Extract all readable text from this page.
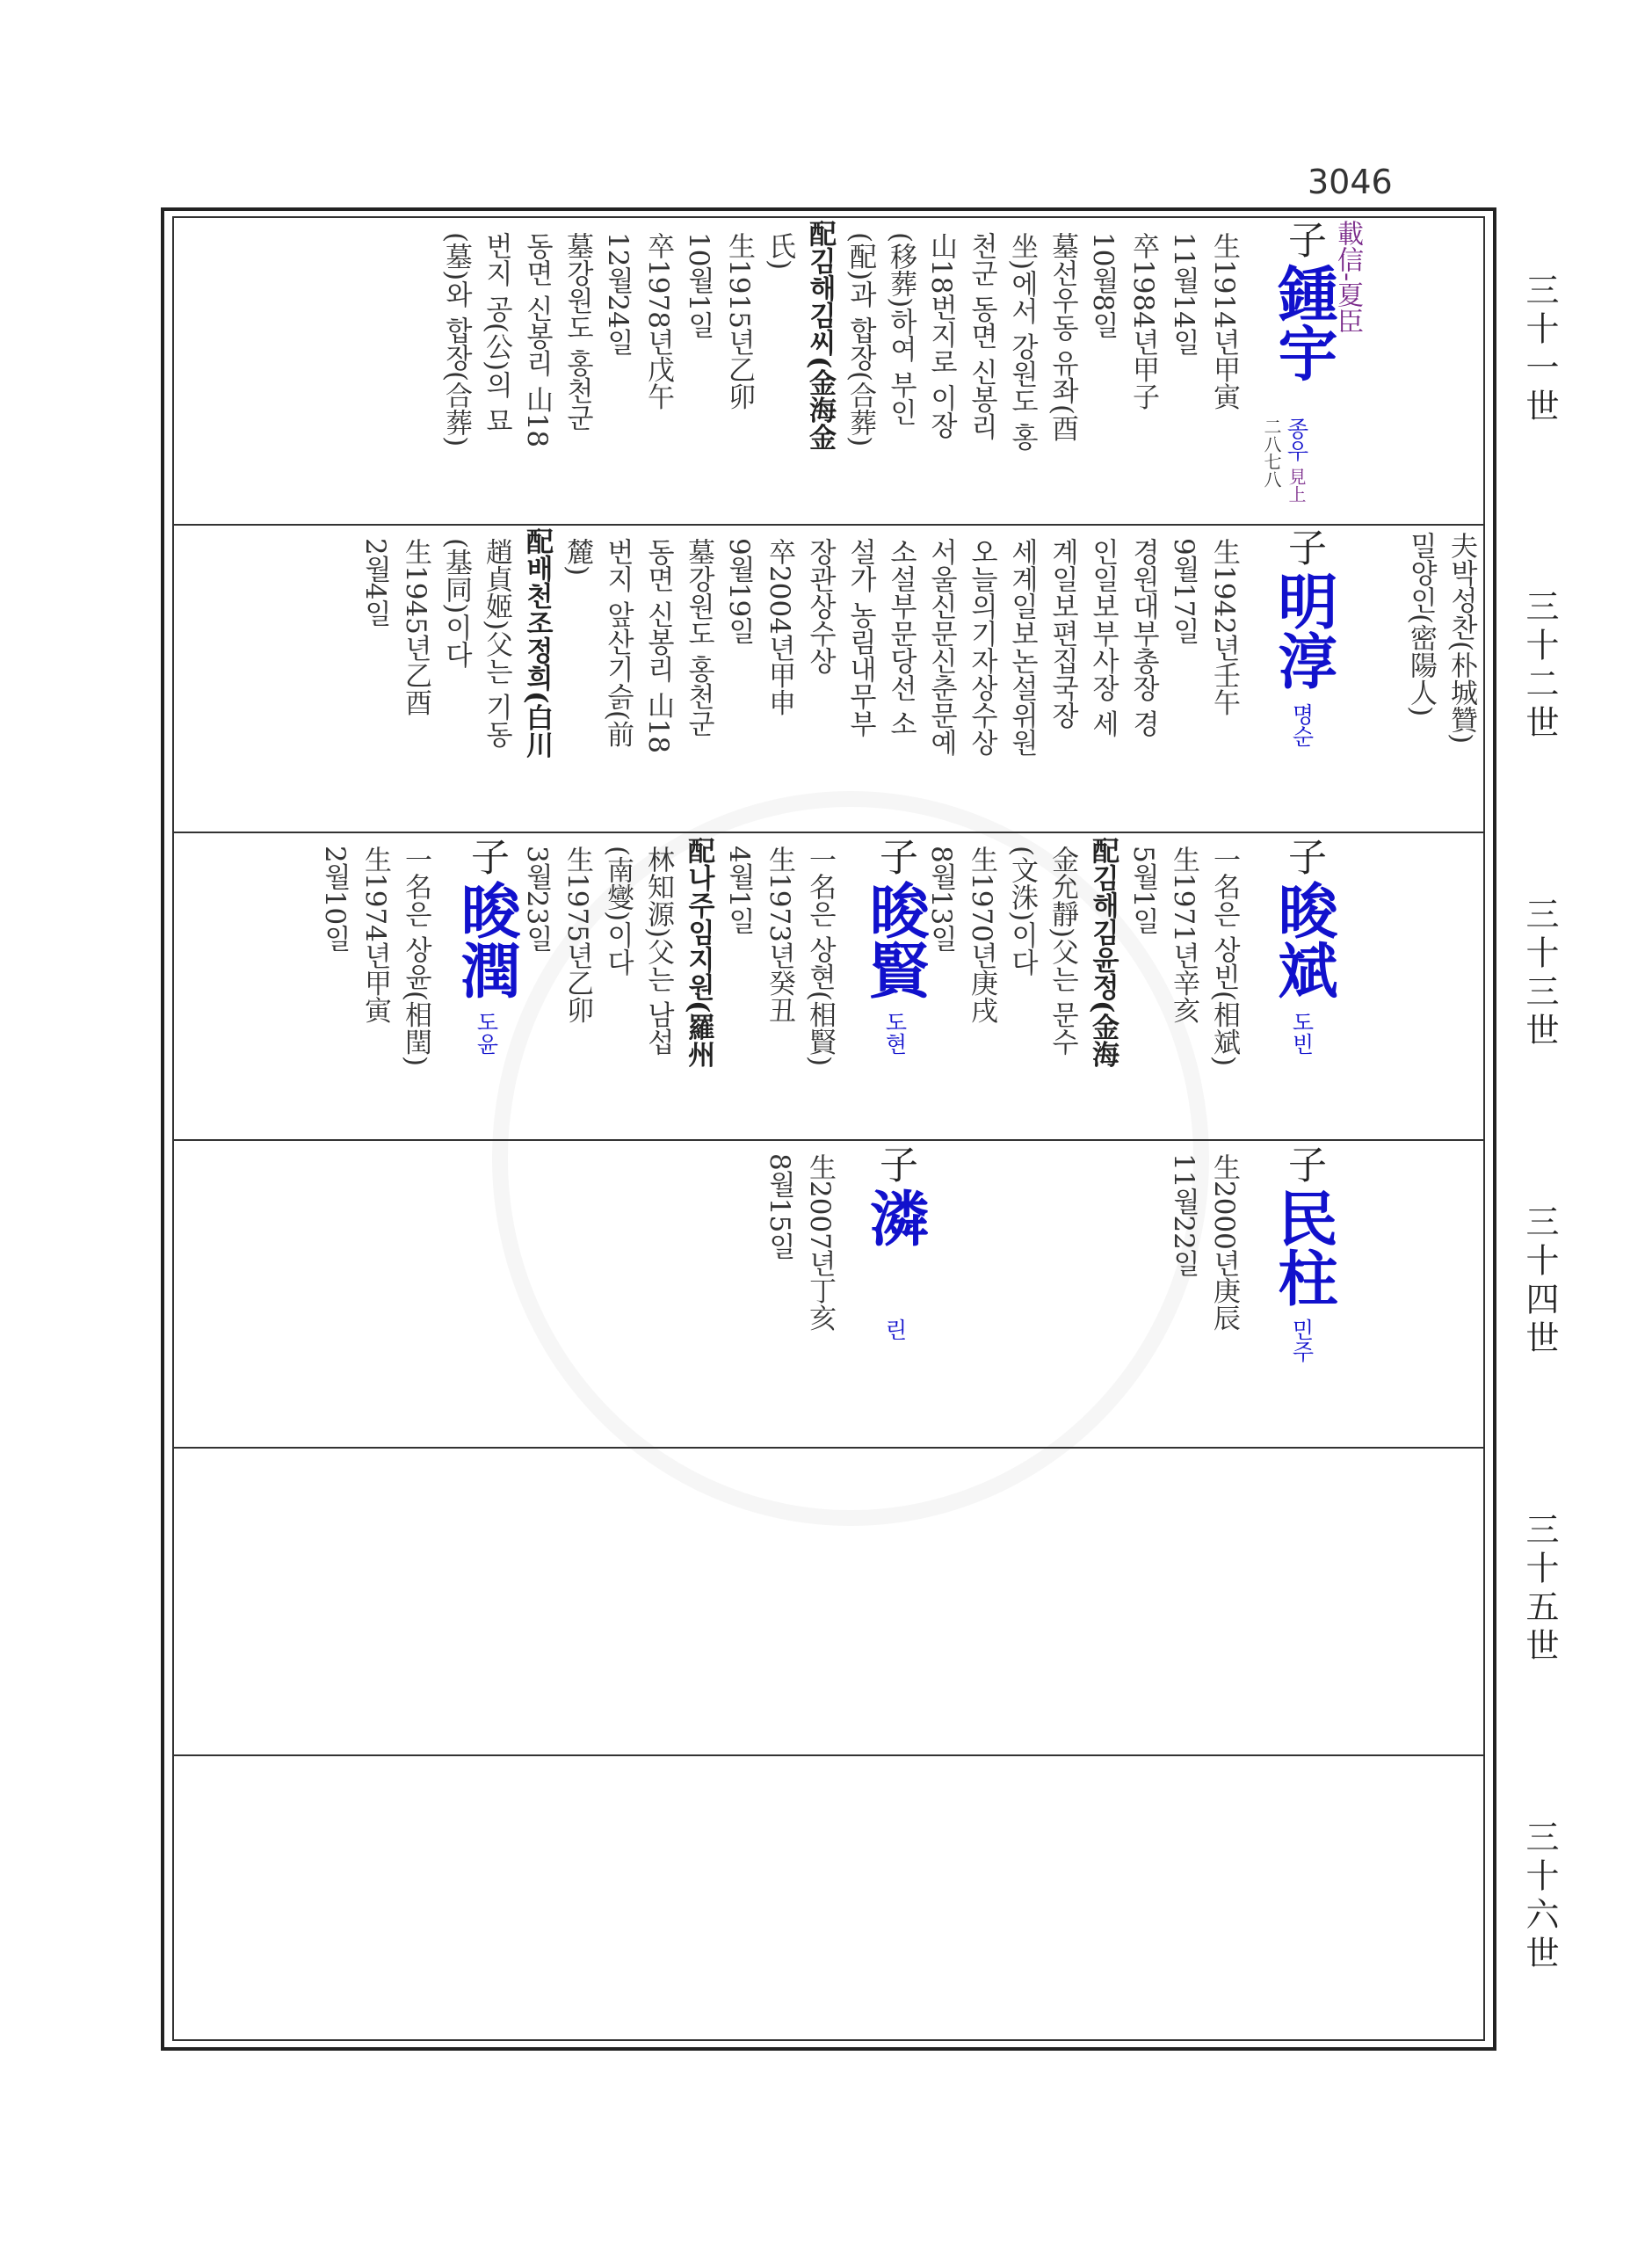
3046
三十一世
三十二世
三十三世
三十四世
三十五世
三十六世
載信-夏臣
子 鍾宇
종우 見上
二八七八
生1914년甲寅
11월14일
卒1984년甲子
10월8일
墓선우동 유좌(酉
坐)에서 강원도 홍
천군 동면 신봉리
山18번지로 이장
(移葬)하여 부인
(配)과 합장(合葬)
配김해김씨(金海金
氏)
生1915년乙卯
10월1일
卒1978년戊午
12월24일
墓강원도 홍천군
동면 신봉리 山18
번지 공(公)의 묘
(墓)와 합장(合葬)
夫박성찬(朴城贊)
밀양인(密陽人)
子 明淳
명순
生1942년壬午
9월17일
경원대부총장 경
인일보부사장 세
계일보편집국장
세계일보논설위원
오늘의기자상수상
서울신문신춘문예
소설부문당선 소
설가 농림내무부
장관상수상
卒2004년甲申
9월19일
墓강원도 홍천군
동면 신봉리 山18
번지 앞산기슭(前
麓)
配배천조정희(白川
趙貞姬)父는 기동
(基同)이다
生1945년乙酉
2월4일
子 晙斌
도빈
一名은 상빈(相斌)
生1971년辛亥
5월1일
配김해김윤정(金海
金允靜)父는 문수
(文洙)이다
生1970년庚戌
8월13일
子 晙賢
도현
一名은 상현(相賢)
生1973년癸丑
4월1일
配나주임지원(羅州
林知源)父는 남섭
(南燮)이다
生1975년乙卯
3월23일
子 晙潤
도윤
一名은 상윤(相閏)
生1974년甲寅
2월10일
子 民柱
민주
生2000년庚辰
11월22일
子 潾
린
生2007년丁亥
8월15일
